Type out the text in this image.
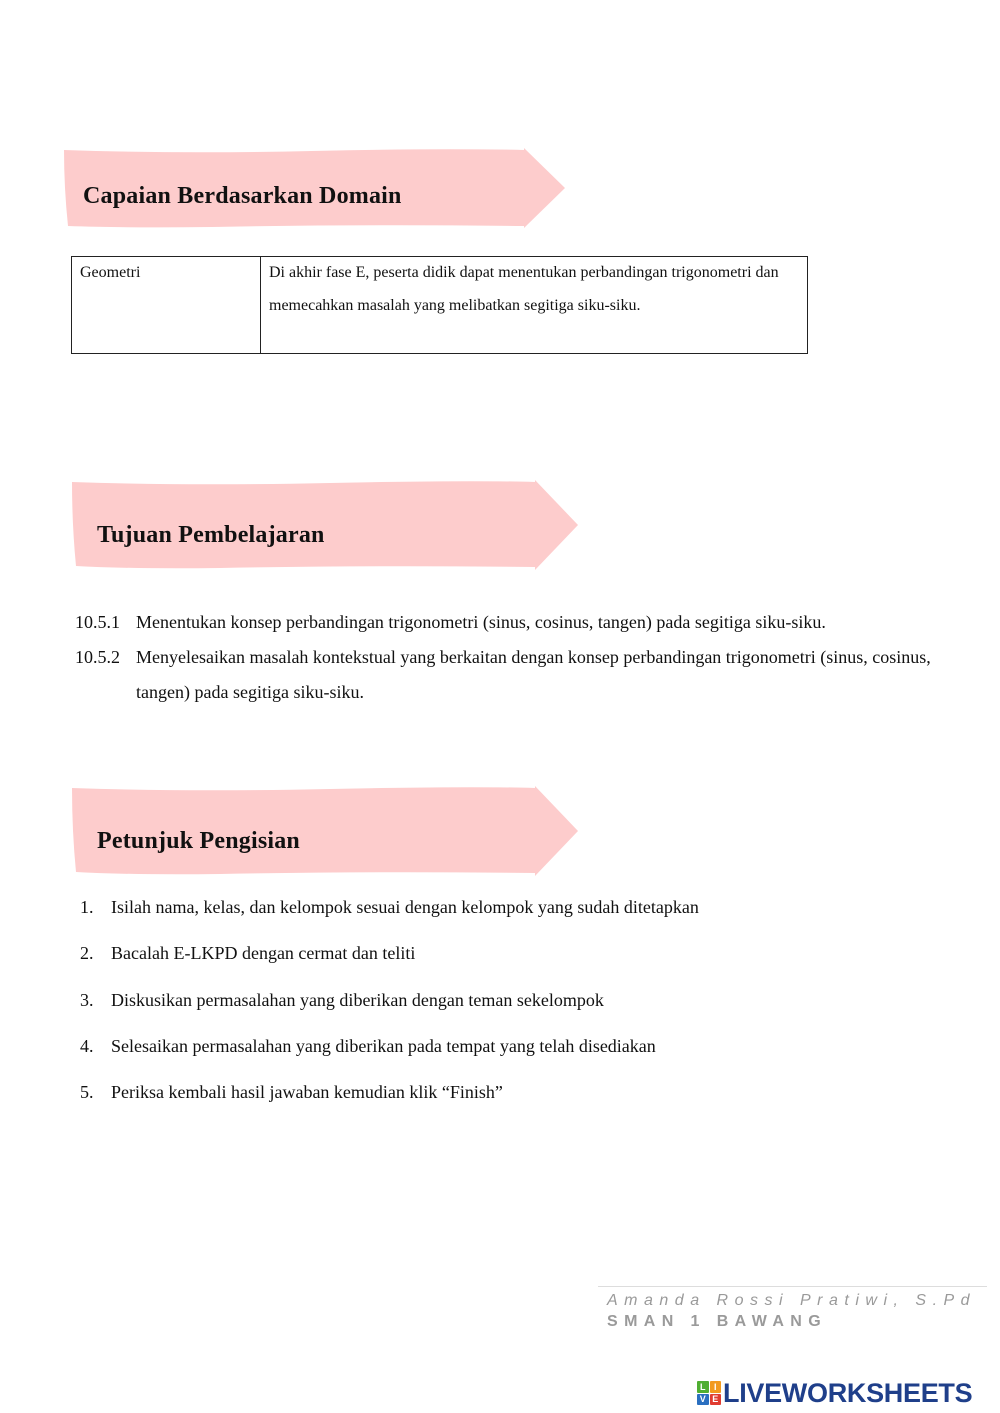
Capaian Berdasarkan Domain
Geometri	Di akhir fase E, peserta didik dapat menentukan perbandingan trigonometri dan memecahkan masalah yang melibatkan segitiga siku-siku.
Tujuan Pembelajaran
10.5.1 Menentukan konsep perbandingan trigonometri (sinus, cosinus, tangen) pada segitiga siku-siku.
10.5.2 Menyelesaikan masalah kontekstual yang berkaitan dengan konsep perbandingan trigonometri (sinus, cosinus, tangen) pada segitiga siku-siku.
Petunjuk Pengisian
1. Isilah nama, kelas, dan kelompok sesuai dengan kelompok yang sudah ditetapkan
2. Bacalah E-LKPD dengan cermat dan teliti
3. Diskusikan permasalahan yang diberikan dengan teman sekelompok
4. Selesaikan permasalahan yang diberikan pada tempat yang telah disediakan
5. Periksa kembali hasil jawaban kemudian klik “Finish”
Amanda Rossi Pratiwi, S.Pd
SMAN 1 BAWANG
L I
V E LIVEWORKSHEETS
